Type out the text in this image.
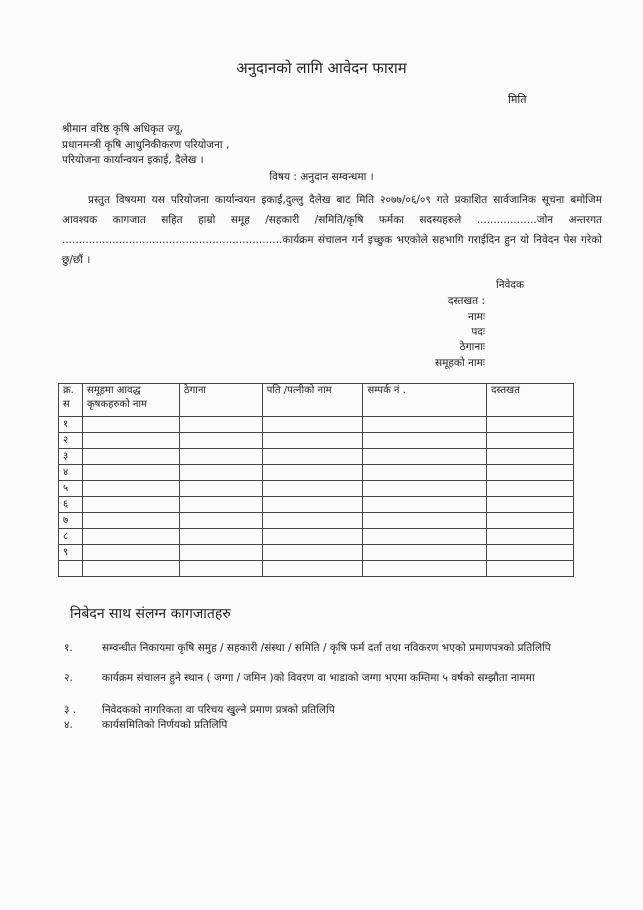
अनुदानको लागि आवेदन फाराम
मिति
श्रीमान वरिष्ठ कृषि अधिकृत ज्यू,
प्रधानमन्त्री कृषि आधुनिकीकरण परियोजना ,
परियोजना कार्यान्वयन इकाई, दैलेख ।
विषय : अनुदान सम्वन्धमा ।
प्रस्तुत विषयमा यस परियोजना कार्यान्वयन इकाई,दुल्लु दैलेख बाट मिति २०७७/०६/०९ गते प्रकाशित सार्वजानिक सूचना बमोजिम आवश्यक कागजात सहित हाम्रो समूह /सहकारी /समिति/कृषि फर्मका सदस्यहरुले ..................जोन अन्तरगत ..................................................................कार्यक्रम संचालन गर्न इच्छुक भएकोले सहभागि गराईदिन हुन यो निवेदन पेस गरेको छु/छौं ।
निवेदक
दस्तखत :
नामः
पदः
ठेगानाः
समूहको नामः
क्र. स	समूहमा आवद्ध कृषकहरुको नाम	ठेगाना	पति /पत्नीको नाम	सम्पर्क नं .	दस्तखत
१					
२					
३					
४					
५					
६					
७					
८					
९					

निबेदन साथ संलग्न कागजातहरु
१.	सम्वन्धीत निकायमा कृषि समुह / सहकारी /संस्था / समिति / कृषि फर्म दर्ता तथा नविकरण भएको प्रमाणपत्रको प्रतिलिपि
२.	कार्यक्रम संचालन हुने स्थान ( जग्गा / जमिन )को विवरण वा भाडाको जग्गा भएमा कम्तिमा ५ वर्षको सम्झौता नाममा
३ . निवेदकको नागरिकता वा परिचय खुल्ने प्रमाण प्रत्रको प्रतिलिपि
४.	कार्यसमितिको निर्णयको प्रतिलिपि
